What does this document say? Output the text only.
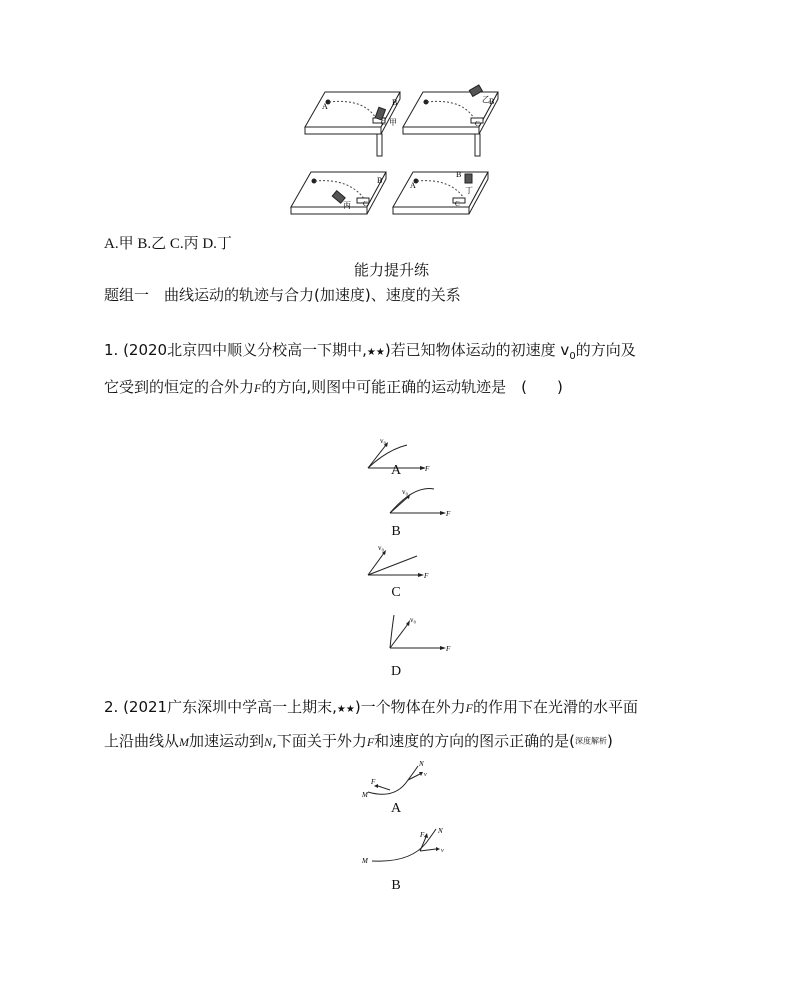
A	B
C 甲
乙 B
C
B
丙 C
A
B
丁
C
A.甲 B.乙 C.丙 D.丁
能力提升练
题组一　曲线运动的轨迹与合力(加速度)、速度的关系
1. (2020北京四中顺义分校高一下期中,★★)若已知物体运动的初速度 $v_0$的方向及
它受到的恒定的合外力F的方向,则图中可能正确的运动轨迹是　 (　　)
v₀
F
A
v₀
F
B
v₀
F
C
v₀
F
D
2. (2021广东深圳中学高一上期末,★★)一个物体在外力F的作用下在光滑的水平面
上沿曲线从M加速运动到N,下面关于外力F和速度的方向的图示正确的是(深度解析)
M
N
F
v
A
M
N
F
v
B
